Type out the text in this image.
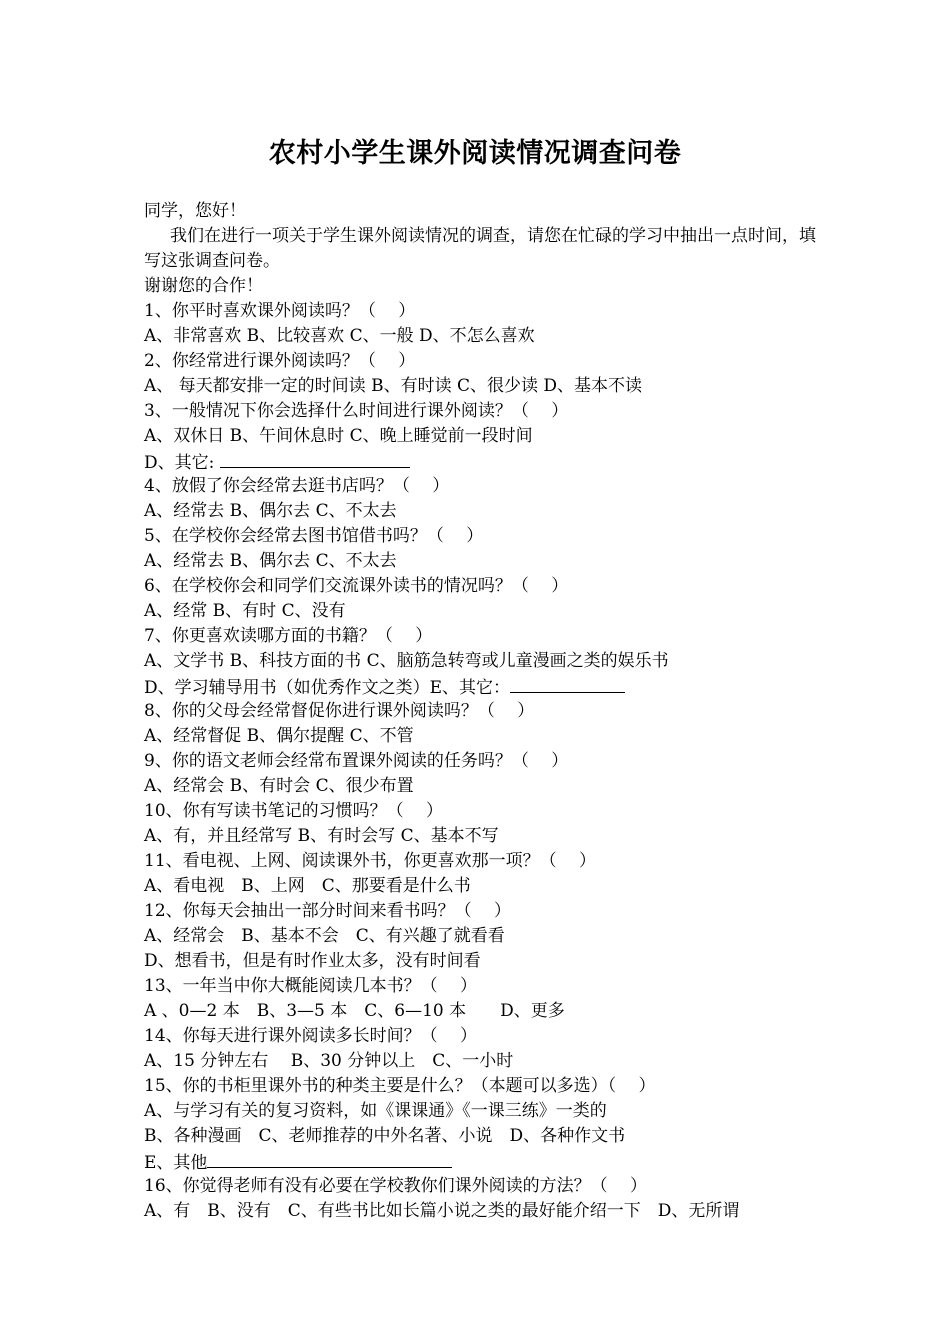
农村小学生课外阅读情况调查问卷
同学，您好！
我们在进行一项关于学生课外阅读情况的调查，请您在忙碌的学习中抽出一点时间，填写这张调查问卷。
谢谢您的合作！
1、你平时喜欢课外阅读吗？（　 ）
A、非常喜欢 B、比较喜欢 C、一般 D、不怎么喜欢
2、你经常进行课外阅读吗？（　 ）
A、 每天都安排一定的时间读 B、有时读 C、很少读 D、基本不读
3、一般情况下你会选择什么时间进行课外阅读？（　 ）
A、双休日 B、午间休息时 C、晚上睡觉前一段时间
D、其它:
4、放假了你会经常去逛书店吗？（　 ）
A、经常去 B、偶尔去 C、不太去
5、在学校你会经常去图书馆借书吗？（　 ）
A、经常去 B、偶尔去 C、不太去
6、在学校你会和同学们交流课外读书的情况吗？（　 ）
A、经常 B、有时 C、没有
7、你更喜欢读哪方面的书籍？（　 ）
A、文学书 B、科技方面的书 C、脑筋急转弯或儿童漫画之类的娱乐书
D、学习辅导用书（如优秀作文之类）E、其它：
8、你的父母会经常督促你进行课外阅读吗？（　 ）
A、经常督促 B、偶尔提醒 C、不管
9、你的语文老师会经常布置课外阅读的任务吗？（　 ）
A、经常会 B、有时会 C、很少布置
10、你有写读书笔记的习惯吗？（　 ）
A、有，并且经常写 B、有时会写 C、基本不写
11、看电视、上网、阅读课外书，你更喜欢那一项？（　 ）
A、看电视　B、上网　C、那要看是什么书
12、你每天会抽出一部分时间来看书吗？（　 ）
A、经常会　B、基本不会　C、有兴趣了就看看
D、想看书，但是有时作业太多，没有时间看
13、一年当中你大概能阅读几本书？（　 ）
A 、0—2 本　B、3—5 本　C、6—10 本　　D、更多
14、你每天进行课外阅读多长时间？（　 ）
A、15 分钟左右　 B、30 分钟以上　C、一小时
15、你的书柜里课外书的种类主要是什么？（本题可以多选）（　 ）
A、与学习有关的复习资料，如《课课通》《一课三练》一类的
B、各种漫画　C、老师推荐的中外名著、小说　D、各种作文书
E、其他
16、你觉得老师有没有必要在学校教你们课外阅读的方法？（　 ）
A、有　B、没有　C、有些书比如长篇小说之类的最好能介绍一下　D、无所谓
